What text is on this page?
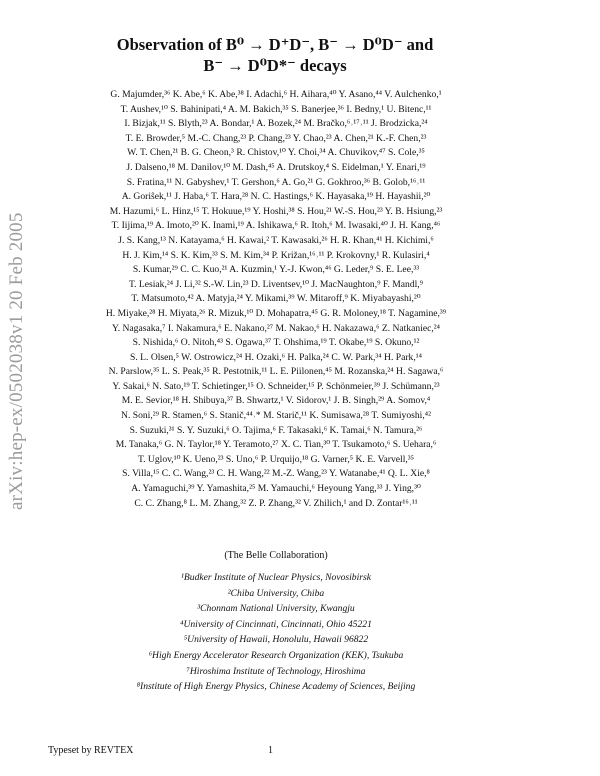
arXiv:hep-ex/0502038v1 20 Feb 2005
Observation of B⁰ → D⁺D⁻, B⁻ → D⁰D⁻ and
B⁻ → D⁰D*⁻ decays
G. Majumder,³⁶ K. Abe,⁶ K. Abe,³⁸ I. Adachi,⁶ H. Aihara,⁴⁰ Y. Asano,⁴⁴ V. Aulchenko,¹
T. Aushev,¹⁰ S. Bahinipati,⁴ A. M. Bakich,³⁵ S. Banerjee,³⁶ I. Bedny,¹ U. Bitenc,¹¹
I. Bizjak,¹¹ S. Blyth,²³ A. Bondar,¹ A. Bozek,²⁴ M. Bračko,⁶˒¹⁷˒¹¹ J. Brodzicka,²⁴
T. E. Browder,⁵ M.-C. Chang,²³ P. Chang,²³ Y. Chao,²³ A. Chen,²¹ K.-F. Chen,²³
W. T. Chen,²¹ B. G. Cheon,³ R. Chistov,¹⁰ Y. Choi,³⁴ A. Chuvikov,⁴⁷ S. Cole,³⁵
J. Dalseno,¹⁸ M. Danilov,¹⁰ M. Dash,⁴⁵ A. Drutskoy,⁴ S. Eidelman,¹ Y. Enari,¹⁹
S. Fratina,¹¹ N. Gabyshev,¹ T. Gershon,⁶ A. Go,²¹ G. Gokhroo,³⁶ B. Golob,¹⁶˒¹¹
A. Goriŝek,¹¹ J. Haba,⁶ T. Hara,²⁸ N. C. Hastings,⁶ K. Hayasaka,¹⁹ H. Hayashii,²⁰
M. Hazumi,⁶ L. Hinz,¹⁵ T. Hokuue,¹⁹ Y. Hoshi,³⁸ S. Hou,²¹ W.-S. Hou,²³ Y. B. Hsiung,²³
T. Iijima,¹⁹ A. Imoto,²⁰ K. Inami,¹⁹ A. Ishikawa,⁶ R. Itoh,⁶ M. Iwasaki,⁴⁰ J. H. Kang,⁴⁶
J. S. Kang,¹³ N. Katayama,⁶ H. Kawai,² T. Kawasaki,²⁶ H. R. Khan,⁴¹ H. Kichimi,⁶
H. J. Kim,¹⁴ S. K. Kim,³³ S. M. Kim,³⁴ P. Križan,¹⁶˒¹¹ P. Krokovny,¹ R. Kulasiri,⁴
S. Kumar,²⁹ C. C. Kuo,²¹ A. Kuzmin,¹ Y.-J. Kwon,⁴⁶ G. Leder,⁹ S. E. Lee,³³
T. Lesiak,²⁴ J. Li,³² S.-W. Lin,²³ D. Liventsev,¹⁰ J. MacNaughton,⁹ F. Mandl,⁹
T. Matsumoto,⁴² A. Matyja,²⁴ Y. Mikami,³⁹ W. Mitaroff,⁹ K. Miyabayashi,²⁰
H. Miyake,²⁸ H. Miyata,²⁶ R. Mizuk,¹⁰ D. Mohapatra,⁴⁵ G. R. Moloney,¹⁸ T. Nagamine,³⁹
Y. Nagasaka,⁷ I. Nakamura,⁶ E. Nakano,²⁷ M. Nakao,⁶ H. Nakazawa,⁶ Z. Natkaniec,²⁴
S. Nishida,⁶ O. Nitoh,⁴³ S. Ogawa,³⁷ T. Ohshima,¹⁹ T. Okabe,¹⁹ S. Okuno,¹²
S. L. Olsen,⁵ W. Ostrowicz,²⁴ H. Ozaki,⁶ H. Palka,²⁴ C. W. Park,³⁴ H. Park,¹⁴
N. Parslow,³⁵ L. S. Peak,³⁵ R. Pestotnik,¹¹ L. E. Piilonen,⁴⁵ M. Rozanska,²⁴ H. Sagawa,⁶
Y. Sakai,⁶ N. Sato,¹⁹ T. Schietinger,¹⁵ O. Schneider,¹⁵ P. Schönmeier,³⁹ J. Schümann,²³
M. E. Sevior,¹⁸ H. Shibuya,³⁷ B. Shwartz,¹ V. Sidorov,¹ J. B. Singh,²⁹ A. Somov,⁴
N. Soni,²⁹ R. Stamen,⁶ S. Stanič,⁴⁴˒* M. Starič,¹¹ K. Sumisawa,²⁸ T. Sumiyoshi,⁴²
S. Suzuki,³¹ S. Y. Suzuki,⁶ O. Tajima,⁶ F. Takasaki,⁶ K. Tamai,⁶ N. Tamura,²⁶
M. Tanaka,⁶ G. N. Taylor,¹⁸ Y. Teramoto,²⁷ X. C. Tian,³⁰ T. Tsukamoto,⁶ S. Uehara,⁶
T. Uglov,¹⁰ K. Ueno,²³ S. Uno,⁶ P. Urquijo,¹⁸ G. Varner,⁵ K. E. Varvell,³⁵
S. Villa,¹⁵ C. C. Wang,²³ C. H. Wang,²² M.-Z. Wang,²³ Y. Watanabe,⁴¹ Q. L. Xie,⁸
A. Yamaguchi,³⁹ Y. Yamashita,²⁵ M. Yamauchi,⁶ Heyoung Yang,³³ J. Ying,³⁰
C. C. Zhang,⁸ L. M. Zhang,³² Z. P. Zhang,³² V. Zhilich,¹ and D. Zontar¹⁶˒¹¹
(The Belle Collaboration)
¹Budker Institute of Nuclear Physics, Novosibirsk
²Chiba University, Chiba
³Chonnam National University, Kwangju
⁴University of Cincinnati, Cincinnati, Ohio 45221
⁵University of Hawaii, Honolulu, Hawaii 96822
⁶High Energy Accelerator Research Organization (KEK), Tsukuba
⁷Hiroshima Institute of Technology, Hiroshima
⁸Institute of High Energy Physics, Chinese Academy of Sciences, Beijing
Typeset by REVTEX	1
